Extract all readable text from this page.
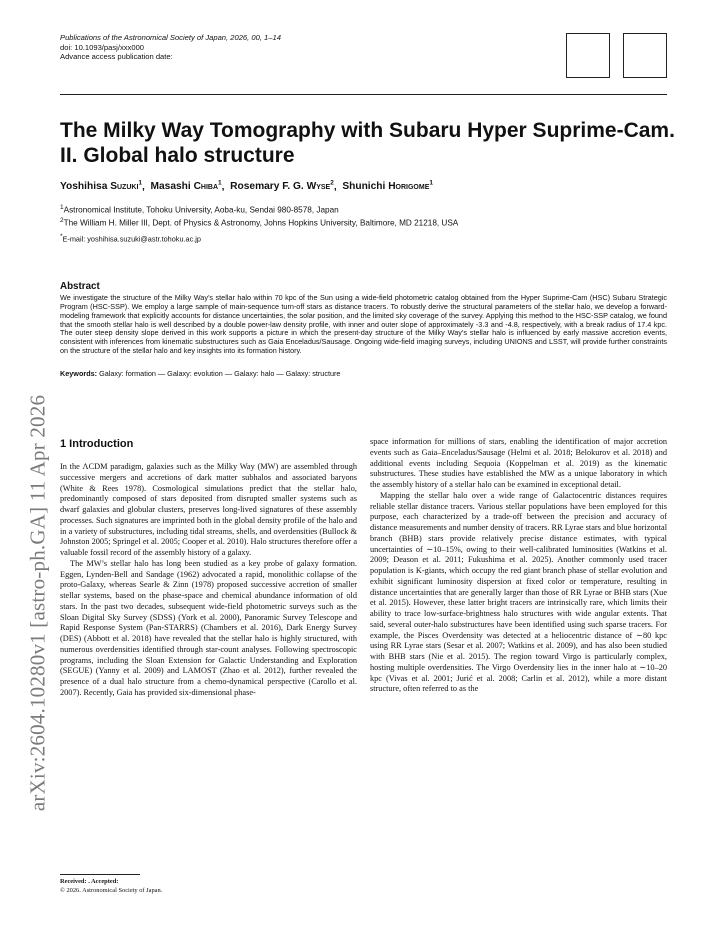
Publications of the Astronomical Society of Japan, 2026, 00, 1–14
doi: 10.1093/pasj/xxx000
Advance access publication date:
arXiv:2604.10280v1 [astro-ph.GA] 11 Apr 2026
The Milky Way Tomography with Subaru Hyper Suprime-Cam. II. Global halo structure
Yoshihisa Suzuki$^1$,  Masashi Chiba$^1$,  Rosemary F. G. Wyse$^2$,  Shunichi Horigome$^1$
$^1$Astronomical Institute, Tohoku University, Aoba-ku, Sendai 980-8578, Japan
$^2$The William H. Miller III, Dept. of Physics & Astronomy, Johns Hopkins University, Baltimore, MD 21218, USA
*E-mail: yoshihisa.suzuki@astr.tohoku.ac.jp
Abstract
We investigate the structure of the Milky Way’s stellar halo within 70 kpc of the Sun using a wide-field photometric catalog obtained from the Hyper Suprime-Cam (HSC) Subaru Strategic Program (HSC-SSP). We employ a large sample of main-sequence turn-off stars as distance tracers. To robustly derive the structural parameters of the stellar halo, we develop a forward-modeling framework that explicitly accounts for distance uncertainties, the solar position, and the limited sky coverage of the survey. Applying this method to the HSC-SSP catalog, we found that the smooth stellar halo is well described by a double power-law density profile, with inner and outer slope of approximately -3.3 and -4.8, respectively, with a break radius of 17.4 kpc. The outer steep density slope derived in this work supports a picture in which the present-day structure of the Milky Way’s stellar halo is influenced by early massive accretion events, consistent with inferences from kinematic substructures such as Gaia Enceladus/Sausage. Ongoing wide-field imaging surveys, including UNIONS and LSST, will provide further constraints on the structure of the stellar halo and key insights into its formation history.
Keywords: Galaxy: formation — Galaxy: evolution — Galaxy: halo — Galaxy: structure
1 Introduction

In the ΛCDM paradigm, galaxies such as the Milky Way (MW) are assembled through successive mergers and accretions of dark matter subhalos and associated baryons (White & Rees 1978). Cosmological simulations predict that the stellar halo, predominantly composed of stars deposited from disrupted smaller systems such as dwarf galaxies and globular clusters, preserves long-lived signatures of these assembly processes. Such signatures are imprinted both in the global density profile of the halo and in a variety of substructures, including tidal streams, shells, and overdensities (Bullock & Johnston 2005; Springel et al. 2005; Cooper et al. 2010). Halo structures therefore offer a valuable fossil record of the assembly history of a galaxy.

The MW’s stellar halo has long been studied as a key probe of galaxy formation. Eggen, Lynden-Bell and Sandage (1962) advocated a rapid, monolithic collapse of the proto-Galaxy, whereas Searle & Zinn (1978) proposed successive accretion of smaller stellar systems, based on the phase-space and chemical abundance information of old stars. In the past two decades, subsequent wide-field photometric surveys such as the Sloan Digital Sky Survey (SDSS) (York et al. 2000), Panoramic Survey Telescope and Rapid Response System (Pan-STARRS) (Chambers et al. 2016), Dark Energy Survey (DES) (Abbott et al. 2018) have revealed that the stellar halo is highly structured, with numerous overdensities identified through star-count analyses. Following spectroscopic programs, including the Sloan Extension for Galactic Understanding and Exploration (SEGUE) (Yanny et al. 2009) and LAMOST (Zhao et al. 2012), further revealed the presence of a dual halo structure from a chemo-dynamical perspective (Carollo et al. 2007). Recently, Gaia has provided six-dimensional phase-

space information for millions of stars, enabling the identification of major accretion events such as Gaia–Enceladus/Sausage (Helmi et al. 2018; Belokurov et al. 2018) and additional events including Sequoia (Koppelman et al. 2019) as the kinematic substructures. These studies have established the MW as a unique laboratory in which the assembly history of a stellar halo can be examined in exceptional detail.

Mapping the stellar halo over a wide range of Galactocentric distances requires reliable stellar distance tracers. Various stellar populations have been employed for this purpose, each characterized by a trade-off between the precision and accuracy of distance measurements and number density of tracers. RR Lyrae stars and blue horizontal branch (BHB) stars provide relatively precise distance estimates, with typical uncertainties of ∼10–15%, owing to their well-calibrated luminosities (Watkins et al. 2009; Deason et al. 2011; Fukushima et al. 2025). Another commonly used tracer population is K-giants, which occupy the red giant branch phase of stellar evolution and exhibit significant luminosity dispersion at fixed color or temperature, resulting in distance uncertainties that are generally larger than those of RR Lyrae or BHB stars (Xue et al. 2015). However, these latter bright tracers are intrinsically rare, which limits their ability to trace low-surface-brightness halo structures with wide angular extents. That said, several outer-halo substructures have been identified using such sparse tracers. For example, the Pisces Overdensity was detected at a heliocentric distance of ∼80 kpc using RR Lyrae stars (Sesar et al. 2007; Watkins et al. 2009), and has also been studied with BHB stars (Nie et al. 2015). The region toward Virgo is particularly complex, hosting multiple overdensities. The Virgo Overdensity lies in the inner halo at ∼10–20 kpc (Vivas et al. 2001; Jurić et al. 2008; Carlin et al. 2012), while a more distant structure, often referred to as the

Received: . Accepted:
© 2026. Astronomical Society of Japan.
